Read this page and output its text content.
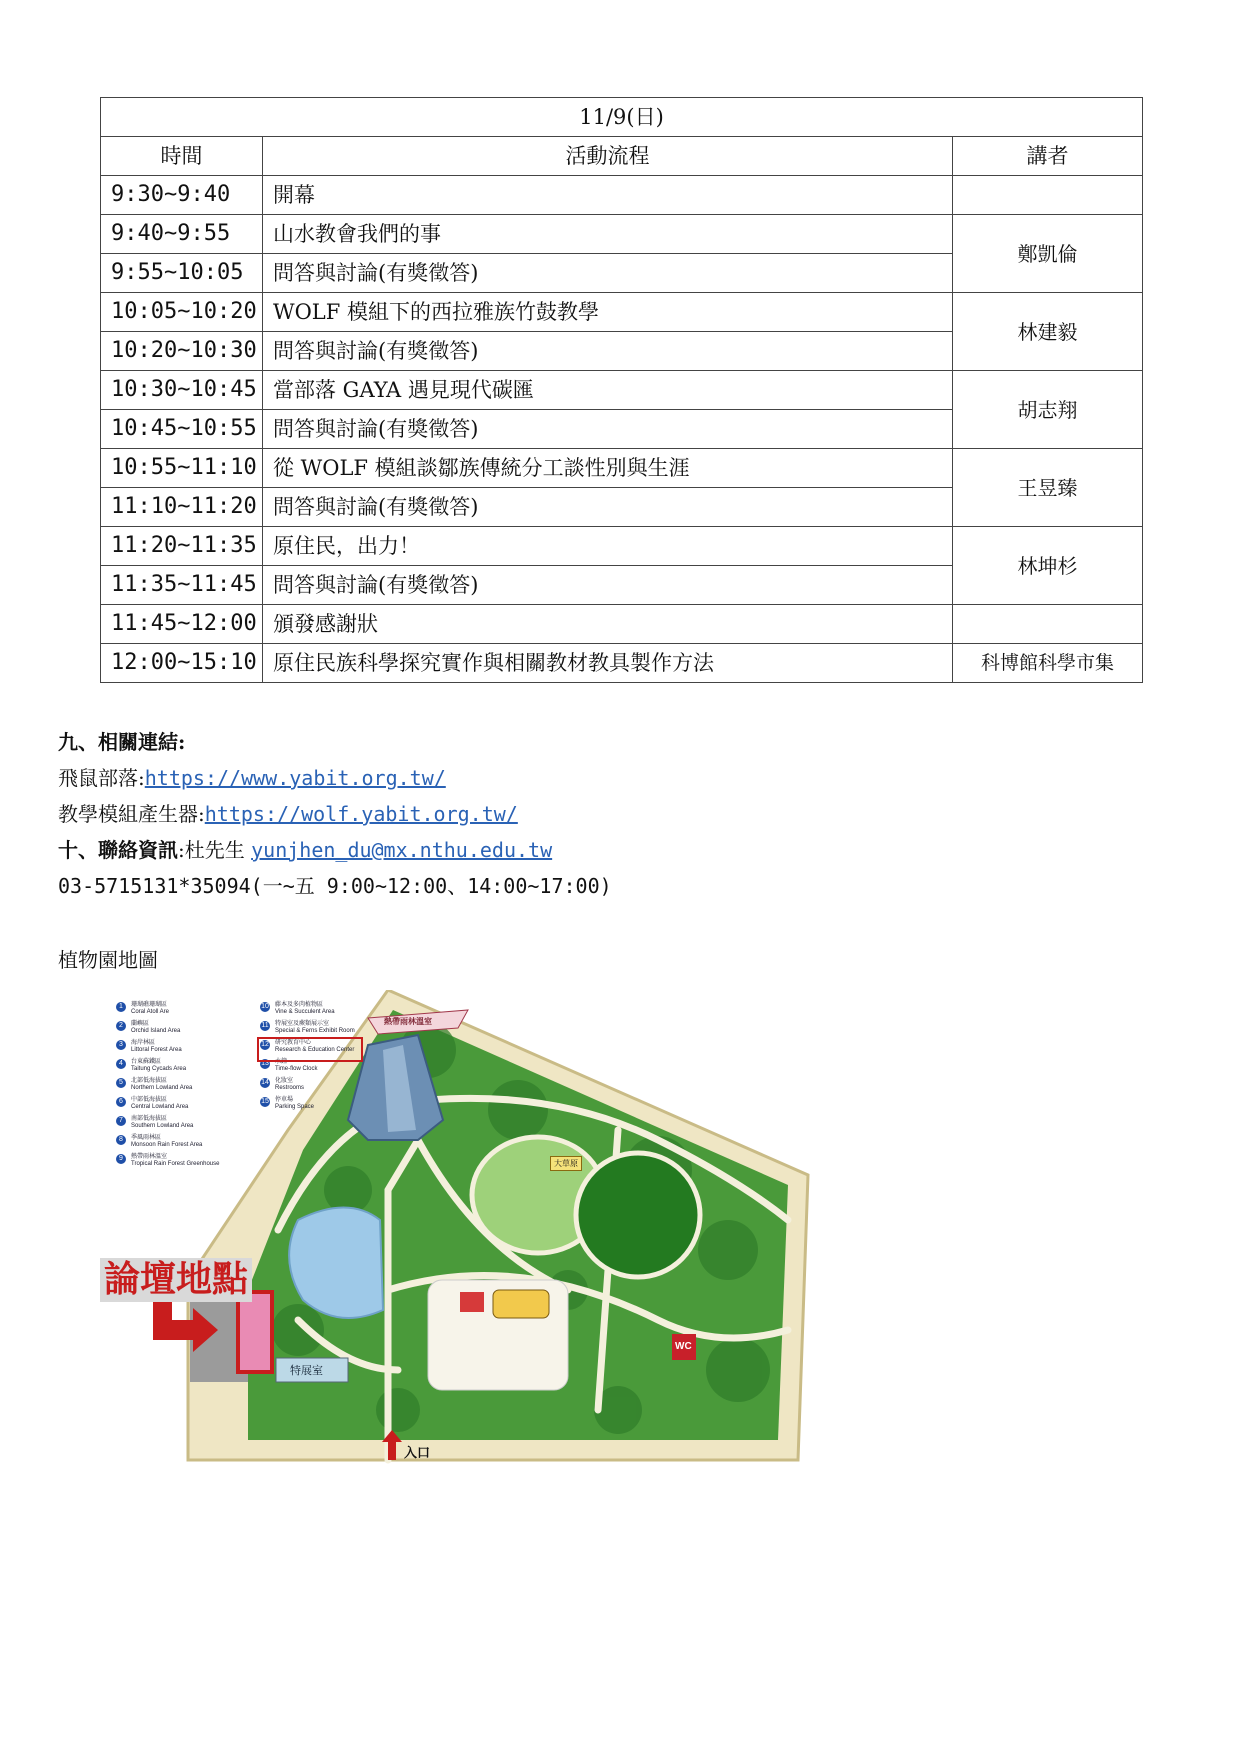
11/9(日)		
時間	活動流程	講者
9:30~9:40	開幕	
9:40~9:55	山水教會我們的事	鄭凱倫
9:55~10:05	問答與討論(有獎徵答)	
10:05~10:20	WOLF 模組下的西拉雅族竹鼓教學	林建毅
10:20~10:30	問答與討論(有獎徵答)	
10:30~10:45	當部落 GAYA 遇見現代碳匯	胡志翔
10:45~10:55	問答與討論(有獎徵答)	
10:55~11:10	從 WOLF 模組談鄒族傳統分工談性別與生涯	王昱臻
11:10~11:20	問答與討論(有獎徵答)	
11:20~11:35	原住民，出力！	林坤杉
11:35~11:45	問答與討論(有獎徵答)	
11:45~12:00	頒發感謝狀	
12:00~15:10	原住民族科學探究實作與相關教材教具製作方法	科博館科學市集
九、相關連結:
飛鼠部落:https://www.yabit.org.tw/
教學模組產生器:https://wolf.yabit.org.tw/
十、聯絡資訊:杜先生 yunjhen_du@mx.nthu.edu.tw
03-5715131*35094(一~五 9:00~12:00、14:00~17:00)
植物園地圖
1	珊瑚礁珊瑚區
Coral Atoll Are
2	蘭嶼區
Orchid Island Area
3	海岸林區
Littoral Forest Area
4	台東蘇鐵區
Taitung Cycads Area
5	北部低海拔區
Northern Lowland Area
6	中部低海拔區
Central Lowland Area
7	南部低海拔區
Southern Lowland Area
8	季風雨林區
Monsoon Rain Forest Area
9	熱帶雨林溫室
Tropical Rain Forest Greenhouse
10 藤本及多肉植物區
Vine & Succulent Area
11 特展室及蕨類展示室
Special & Ferns Exhibit Room
12 研究教育中心
Research & Education Center
13 水鐘
Time-flow Clock
14 化妝室
Restrooms
15 停車場
Parking Space
論壇地點
熱帶雨林溫室
大草原
特展室
WC
入口
